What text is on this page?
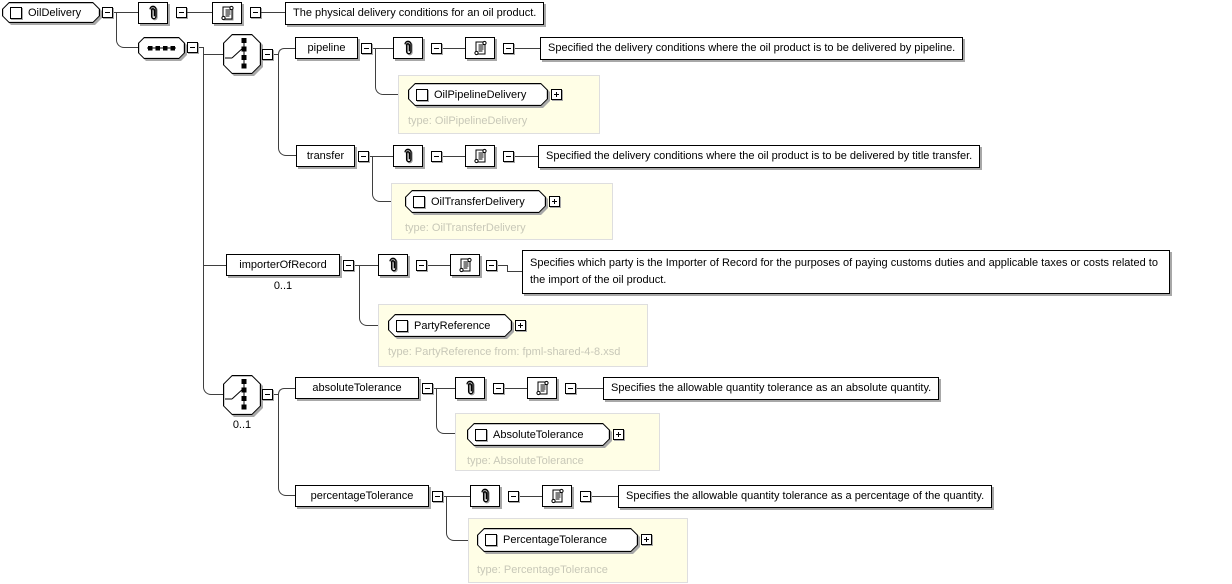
OilDelivery	The physical delivery conditions for an oil product.
pipeline	Specified the delivery conditions where the oil product is to be delivered by pipeline.
OilPipelineDelivery
type: OilPipelineDelivery
transfer	Specified the delivery conditions where the oil product is to be delivered by title transfer.
OilTransferDelivery
type: OilTransferDelivery
importerOfRecord
0..1
Specifies which party is the Importer of Record for the purposes of paying customs duties and applicable taxes or costs related to the import of the oil product.
PartyReference
type: PartyReference from: fpml-shared-4-8.xsd
0..1
absoluteTolerance	Specifies the allowable quantity tolerance as an absolute quantity.
AbsoluteTolerance
type: AbsoluteTolerance
percentageTolerance	Specifies the allowable quantity tolerance as a percentage of the quantity.
PercentageTolerance
type: PercentageTolerance
